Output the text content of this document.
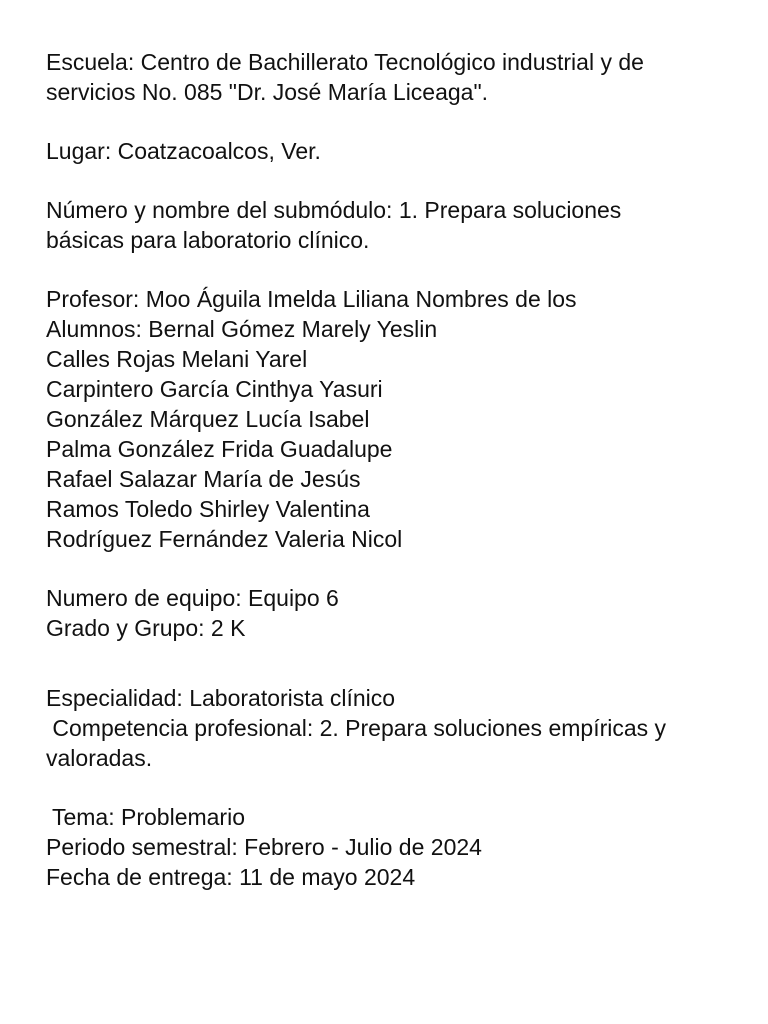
Escuela: Centro de Bachillerato Tecnológico industrial y de
servicios No. 085 "Dr. José María Liceaga".
Lugar: Coatzacoalcos, Ver.
Número y nombre del submódulo: 1. Prepara soluciones
básicas para laboratorio clínico.
Profesor: Moo Águila Imelda Liliana Nombres de los
Alumnos: Bernal Gómez Marely Yeslin
Calles Rojas Melani Yarel
Carpintero García Cinthya Yasuri
González Márquez Lucía Isabel
Palma González Frida Guadalupe
Rafael Salazar María de Jesús
Ramos Toledo Shirley Valentina
Rodríguez Fernández Valeria Nicol
Numero de equipo: Equipo 6
Grado y Grupo: 2 K
Especialidad: Laboratorista clínico
Competencia profesional: 2. Prepara soluciones empíricas y
valoradas.
Tema: Problemario
Periodo semestral: Febrero - Julio de 2024
Fecha de entrega: 11 de mayo 2024
